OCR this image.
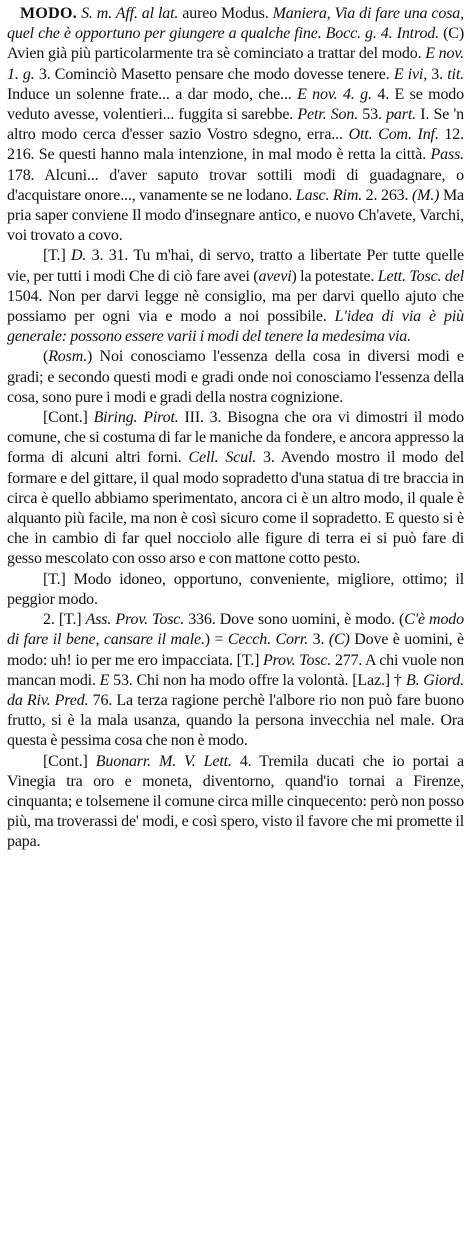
MODO. S. m. Aff. al lat. aureo Modus. Maniera, Via di fare una cosa, quel che è opportuno per giungere a qualche fine. Bocc. g. 4. Introd. (C) Avien già più particolarmente tra sè cominciato a trattar del modo. E nov. 1. g. 3. Cominciò Masetto pensare che modo dovesse tenere. E ivi, 3. tit. Induce un solenne frate... a dar modo, che... E nov. 4. g. 4. E se modo veduto avesse, volentieri... fuggita si sarebbe. Petr. Son. 53. part. I. Se 'n altro modo cerca d'esser sazio Vostro sdegno, erra... Ott. Com. Inf. 12. 216. Se questi hanno mala intenzione, in mal modo è retta la città. Pass. 178. Alcuni... d'aver saputo trovar sottili modi di guadagnare, o d'acquistare onore..., vanamente se ne lodano. Lasc. Rim. 2. 263. (M.) Ma pria saper conviene Il modo d'insegnare antico, e nuovo Ch'avete, Varchi, voi trovato a covo.

[T.] D. 3. 31. Tu m'hai, di servo, tratto a libertate Per tutte quelle vie, per tutti i modi Che di ciò fare avei (avevi) la potestate. Lett. Tosc. del 1504. Non per darvi legge nè consiglio, ma per darvi quello ajuto che possiamo per ogni via e modo a noi possibile. L'idea di via è più generale: possono essere varii i modi del tenere la medesima via.

(Rosm.) Noi conosciamo l'essenza della cosa in diversi modi e gradi; e secondo questi modi e gradi onde noi conosciamo l'essenza della cosa, sono pure i modi e gradi della nostra cognizione.

[Cont.] Biring. Pirot. III. 3. Bisogna che ora vi dimostri il modo comune, che si costuma di far le maniche da fondere, e ancora appresso la forma di alcuni altri forni. Cell. Scul. 3. Avendo mostro il modo del formare e del gittare, il qual modo sopradetto d'una statua di tre braccia in circa è quello abbiamo sperimentato, ancora ci è un altro modo, il quale è alquanto più facile, ma non è così sicuro come il sopradetto. E questo si è che in cambio di far quel nocciolo alle figure di terra ei si può fare di gesso mescolato con osso arso e con mattone cotto pesto.

[T.] Modo idoneo, opportuno, conveniente, migliore, ottimo; il peggior modo.

2. [T.] Ass. Prov. Tosc. 336. Dove sono uomini, è modo. (C'è modo di fare il bene, cansare il male.) = Cecch. Corr. 3. (C) Dove è uomini, è modo: uh! io per me ero impacciata. [T.] Prov. Tosc. 277. A chi vuole non mancan modi. E 53. Chi non ha modo offre la volontà. [Laz.] † B. Giord. da Riv. Pred. 76. La terza ragione perchè l'albore rio non può fare buono frutto, si è la mala usanza, quando la persona invecchia nel male. Ora questa è pessima cosa che non è modo.

[Cont.] Buonarr. M. V. Lett. 4. Tremila ducati che io portai a Vinegia tra oro e moneta, diventorno, quand'io tornai a Firenze, cinquanta; e tolsemene il comune circa mille cinquecento: però non posso più, ma troverassi de' modi, e così spero, visto il favore che mi promette il papa.
